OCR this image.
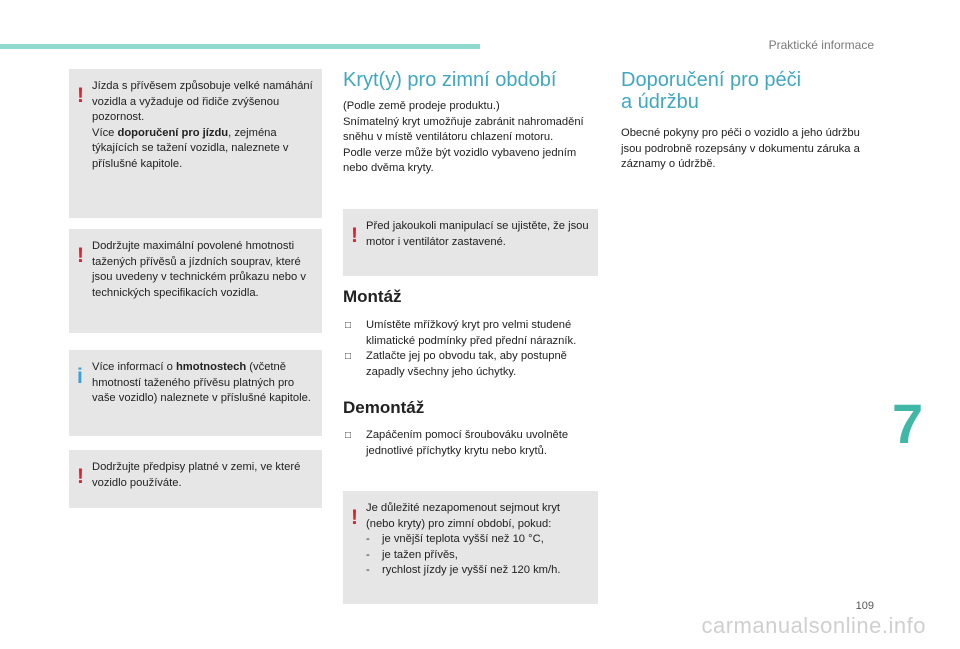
Praktické informace
7
109
carmanualsonline.info
! Jízda s přívěsem způsobuje velké namáhání vozidla a vyžaduje od řidiče zvýšenou pozornost.

Více doporučení pro jízdu, zejména týkajících se tažení vozidla, naleznete v příslušné kapitole.

! Dodržujte maximální povolené hmotnosti tažených přívěsů a jízdních souprav, které jsou uvedeny v technickém průkazu nebo v technických specifikacích vozidla.

i Více informací o hmotnostech (včetně hmotností taženého přívěsu platných pro vaše vozidlo) naleznete v příslušné kapitole.

! Dodržujte předpisy platné v zemi, ve které vozidlo používáte.

Kryt(y) pro zimní období

(Podle země prodeje produktu.)

Snímatelný kryt umožňuje zabránit nahromadění sněhu v místě ventilátoru chlazení motoru.

Podle verze může být vozidlo vybaveno jedním nebo dvěma kryty.

! Před jakoukoli manipulací se ujistěte, že jsou motor i ventilátor zastavené.

Montáž
□ Umístěte mřížkový kryt pro velmi studené klimatické podmínky před přední nárazník.
□ Zatlačte jej po obvodu tak, aby postupně zapadly všechny jeho úchytky.
Demontáž
□ Zapáčením pomocí šroubováku uvolněte jednotlivé příchytky krytu nebo krytů.
! Je důležité nezapomenout sejmout kryt (nebo kryty) pro zimní období, pokud:

- je vnější teplota vyšší než 10 °C,
- je tažen přívěs,
- rychlost jízdy je vyšší než 120 km/h.
Doporučení pro péči
a údržbu

Obecné pokyny pro péči o vozidlo a jeho údržbu jsou podrobně rozepsány v dokumentu záruka a záznamy o údržbě.
